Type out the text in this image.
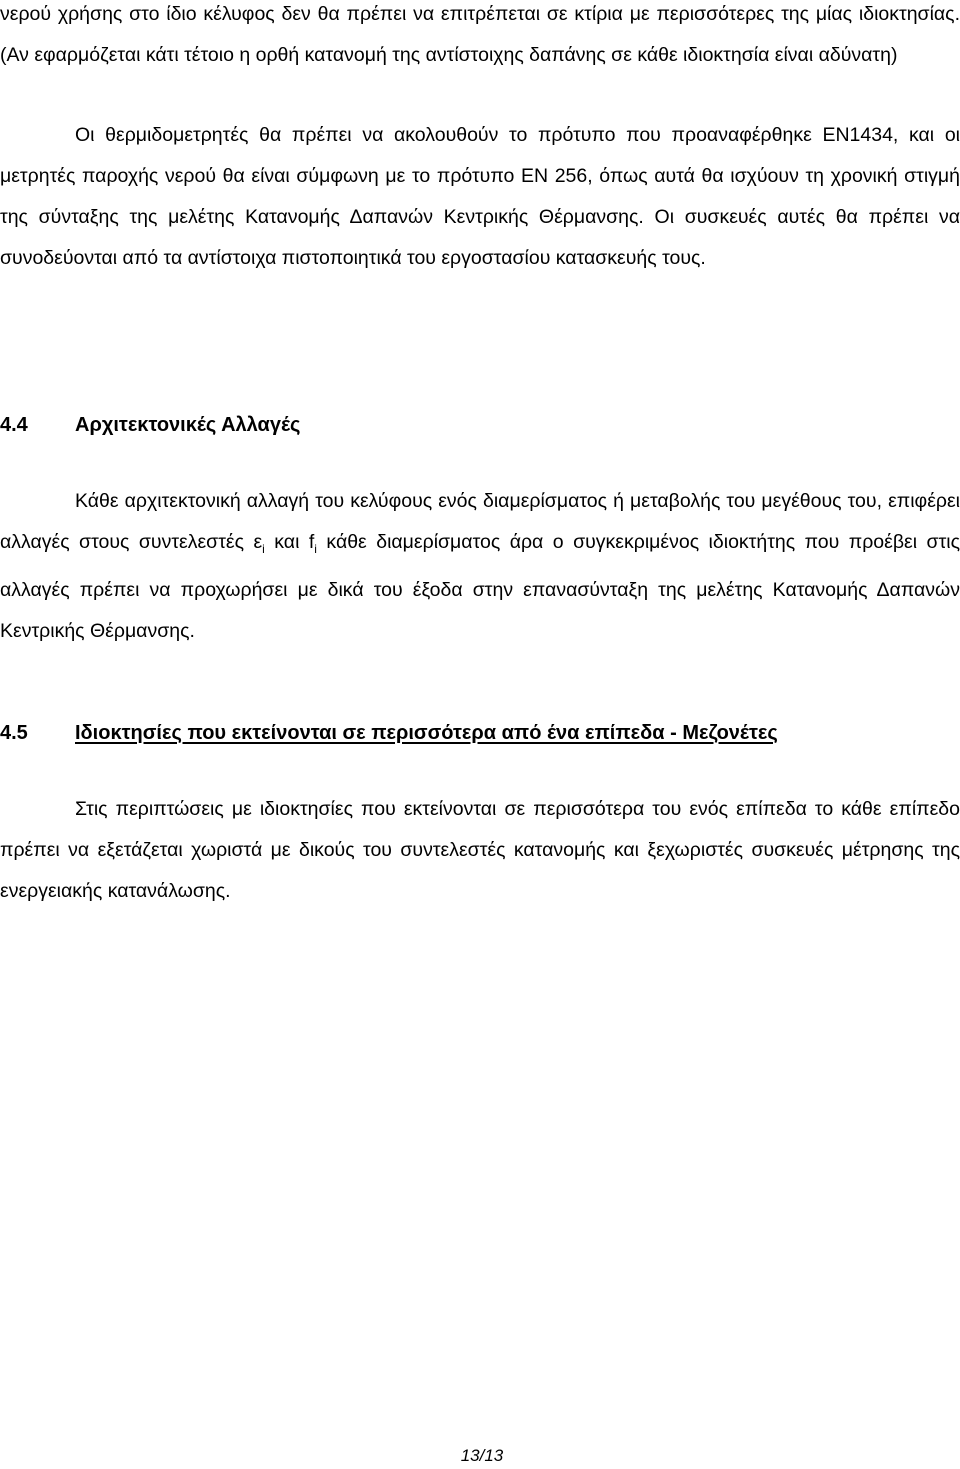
νερού χρήσης στο ίδιο κέλυφος δεν θα πρέπει να επιτρέπεται σε κτίρια με περισσότερες της μίας ιδιοκτησίας. (Αν εφαρμόζεται κάτι τέτοιο η ορθή κατανομή της αντίστοιχης δαπάνης σε κάθε ιδιοκτησία είναι αδύνατη)

Οι θερμιδομετρητές θα πρέπει να ακολουθούν το πρότυπο που προαναφέρθηκε ΕΝ1434, και οι μετρητές παροχής νερού θα είναι σύμφωνη με το πρότυπο ΕΝ 256, όπως αυτά θα ισχύουν τη χρονική στιγμή της σύνταξης της μελέτης Κατανομής Δαπανών Κεντρικής Θέρμανσης. Οι συσκευές αυτές θα πρέπει να συνοδεύονται από τα αντίστοιχα πιστοποιητικά του εργοστασίου κατασκευής τους.

4.4 Αρχιτεκτονικές Αλλαγές

Κάθε αρχιτεκτονική αλλαγή του κελύφους ενός διαμερίσματος ή μεταβολής του μεγέθους του, επιφέρει αλλαγές στους συντελεστές $\varepsilon_i$ και $f_i$ κάθε διαμερίσματος άρα ο συγκεκριμένος ιδιοκτήτης που προέβει στις αλλαγές πρέπει να προχωρήσει με δικά του έξοδα στην επανασύνταξη της μελέτης Κατανομής Δαπανών Κεντρικής Θέρμανσης.

4.5 Ιδιοκτησίες που εκτείνονται σε περισσότερα από ένα επίπεδα - Μεζονέτες

Στις περιπτώσεις με ιδιοκτησίες που εκτείνονται σε περισσότερα του ενός επίπεδα το κάθε επίπεδο πρέπει να εξετάζεται χωριστά με δικούς του συντελεστές κατανομής και ξεχωριστές συσκευές μέτρησης της ενεργειακής κατανάλωσης.

13/13
